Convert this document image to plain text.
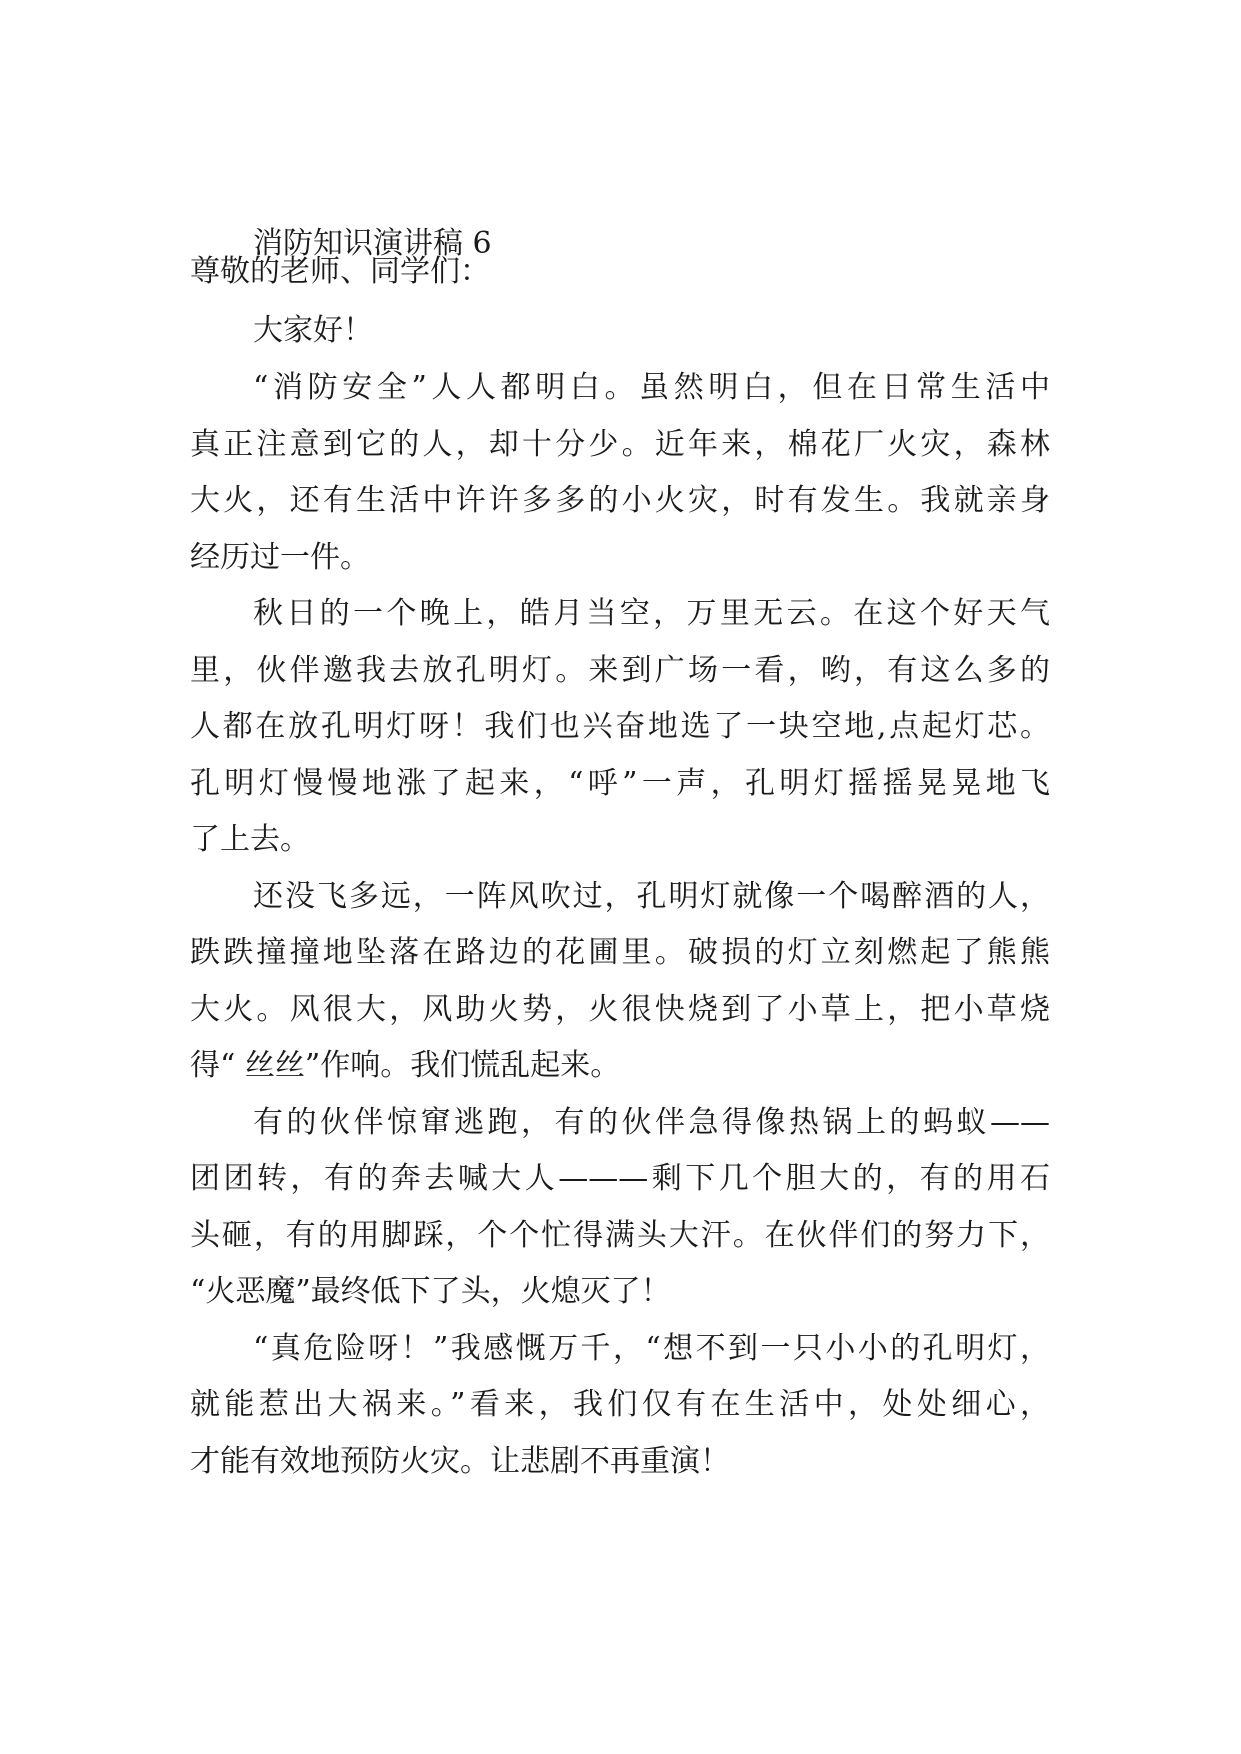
消防知识演讲稿 6
尊敬的老师、同学们：
大家好！
“消防安全”人人都明白。虽然明白，但在日常生活中
真正注意到它的人，却十分少。近年来，棉花厂火灾，森林
大火，还有生活中许许多多的小火灾，时有发生。我就亲身
经历过一件。
秋日的一个晚上，皓月当空，万里无云。在这个好天气
里，伙伴邀我去放孔明灯。来到广场一看，哟，有这么多的
人都在放孔明灯呀！我们也兴奋地选了一块空地,点起灯芯。
孔明灯慢慢地涨了起来，“呼”一声，孔明灯摇摇晃晃地飞
了上去。
还没飞多远，一阵风吹过，孔明灯就像一个喝醉酒的人，
跌跌撞撞地坠落在路边的花圃里。破损的灯立刻燃起了熊熊
大火。风很大，风助火势，火很快烧到了小草上，把小草烧
得“ 丝丝”作响。我们慌乱起来。
有的伙伴惊窜逃跑，有的伙伴急得像热锅上的蚂蚁——
团团转，有的奔去喊大人———剩下几个胆大的，有的用石
头砸，有的用脚踩，个个忙得满头大汗。在伙伴们的努力下，
“火恶魔”最终低下了头，火熄灭了！
“真危险呀！”我感慨万千，“想不到一只小小的孔明灯，
就能惹出大祸来。”看来，我们仅有在生活中，处处细心，
才能有效地预防火灾。让悲剧不再重演！
